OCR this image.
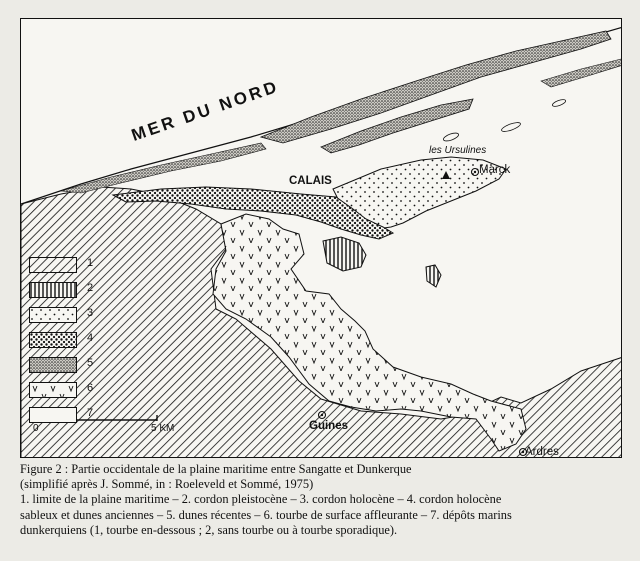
MER DU NORD
CALAIS
les Ursulines
Marck
Guines
Ardres
0	5 KM
1
2
3
4
5
6
7
Figure 2 : Partie occidentale de la plaine maritime entre Sangatte et Dunkerque
(simplifié après J. Sommé, in : Roeleveld et Sommé, 1975)
1. limite de la plaine maritime – 2. cordon pleistocène – 3. cordon holocène – 4. cordon holocène
sableux et dunes anciennes – 5. dunes récentes – 6. tourbe de surface affleurante – 7. dépôts marins
dunkerquiens (1, tourbe en-dessous ; 2, sans tourbe ou à tourbe sporadique).
